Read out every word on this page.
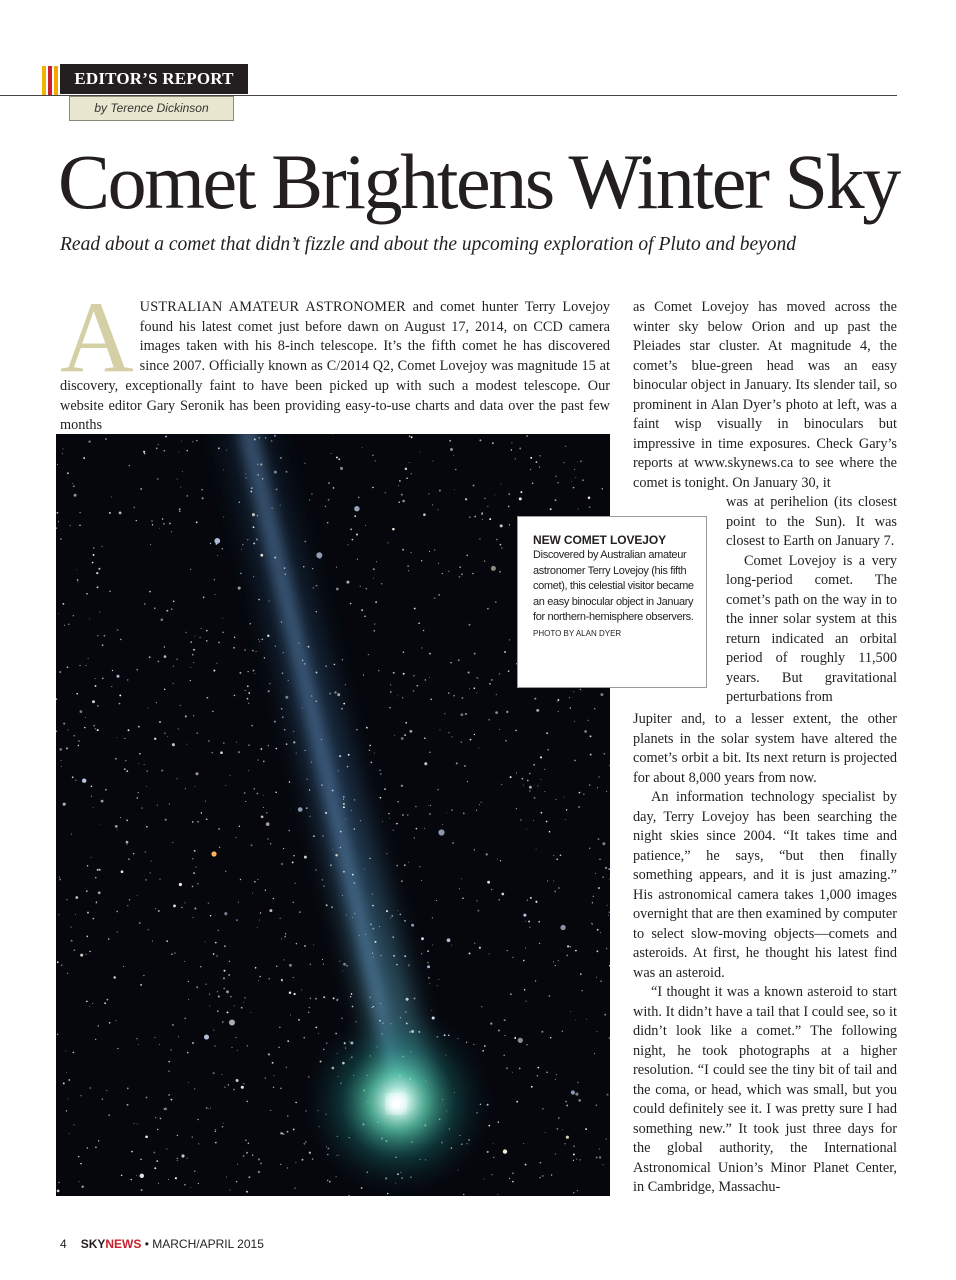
EDITOR’S REPORT
by Terence Dickinson
Comet Brightens Winter Sky

Read about a comet that didn’t fizzle and about the upcoming exploration of Pluto and beyond

AUSTRALIAN AMATEUR ASTRONOMER and comet hunter Terry Lovejoy found his latest comet just before dawn on August 17, 2014, on CCD camera images taken with his 8-inch telescope. It’s the fifth comet he has discovered since 2007. Officially known as C/2014 Q2, Comet Lovejoy was magnitude 15 at discovery, exceptionally faint to have been picked up with such a modest telescope. Our website editor Gary Seronik has been providing easy-to-use charts and data over the past few months

NEW COMET LOVEJOY
Discovered by Australian amateur astronomer Terry Lovejoy (his fifth comet), this celestial visitor became an easy binocular object in January for northern-hemisphere observers. PHOTO BY ALAN DYER

as Comet Lovejoy has moved across the winter sky below Orion and up past the Pleiades star cluster. At magnitude 4, the comet’s blue-green head was an easy binocular object in January. Its slender tail, so prominent in Alan Dyer’s photo at left, was a faint wisp visually in binoculars but impressive in time exposures. Check Gary’s reports at www.skynews.ca to see where the comet is tonight. On January 30, it

was at perihelion (its closest point to the Sun). It was closest to Earth on January 7.

Comet Lovejoy is a very long-period comet. The comet’s path on the way in to the inner solar system at this return indicated an orbital period of roughly 11,500 years. But gravitational perturbations from

Jupiter and, to a lesser extent, the other planets in the solar system have altered the comet’s orbit a bit. Its next return is projected for about 8,000 years from now.

An information technology specialist by day, Terry Lovejoy has been searching the night skies since 2004. “It takes time and patience,” he says, “but then finally something appears, and it is just amazing.” His astronomical camera takes 1,000 images overnight that are then examined by computer to select slow-moving objects—comets and asteroids. At first, he thought his latest find was an asteroid.

“I thought it was a known asteroid to start with. It didn’t have a tail that I could see, so it didn’t look like a comet.” The following night, he took photographs at a higher resolution. “I could see the tiny bit of tail and the coma, or head, which was small, but you could definitely see it. I was pretty sure I had something new.” It took just three days for the global authority, the International Astronomical Union’s Minor Planet Center, in Cambridge, Massachu-

4 SKYNEWS • MARCH/APRIL 2015
